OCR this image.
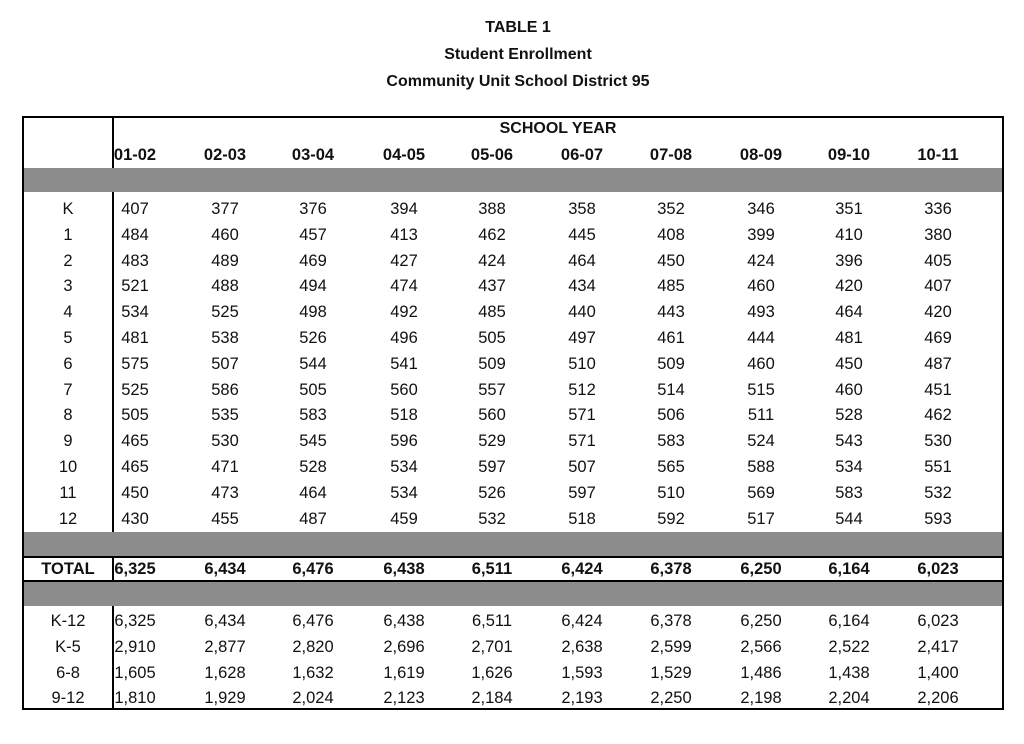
TABLE 1
Student Enrollment
Community Unit School District 95
SCHOOL YEAR
01-02	02-03	03-04	04-05	05-06	06-07	07-08	08-09	09-10	10-11
K	407	377	376	394	388	358	352	346	351	336
1	484	460	457	413	462	445	408	399	410	380
2	483	489	469	427	424	464	450	424	396	405
3	521	488	494	474	437	434	485	460	420	407
4	534	525	498	492	485	440	443	493	464	420
5	481	538	526	496	505	497	461	444	481	469
6	575	507	544	541	509	510	509	460	450	487
7	525	586	505	560	557	512	514	515	460	451
8	505	535	583	518	560	571	506	511	528	462
9	465	530	545	596	529	571	583	524	543	530
10	465	471	528	534	597	507	565	588	534	551
11	450	473	464	534	526	597	510	569	583	532
12	430	455	487	459	532	518	592	517	544	593
TOTAL	6,325	6,434	6,476	6,438	6,511	6,424	6,378	6,250	6,164	6,023
K-12	6,325	6,434	6,476	6,438	6,511	6,424	6,378	6,250	6,164	6,023
K-5	2,910	2,877	2,820	2,696	2,701	2,638	2,599	2,566	2,522	2,417
6-8	1,605	1,628	1,632	1,619	1,626	1,593	1,529	1,486	1,438	1,400
9-12	1,810	1,929	2,024	2,123	2,184	2,193	2,250	2,198	2,204	2,206
